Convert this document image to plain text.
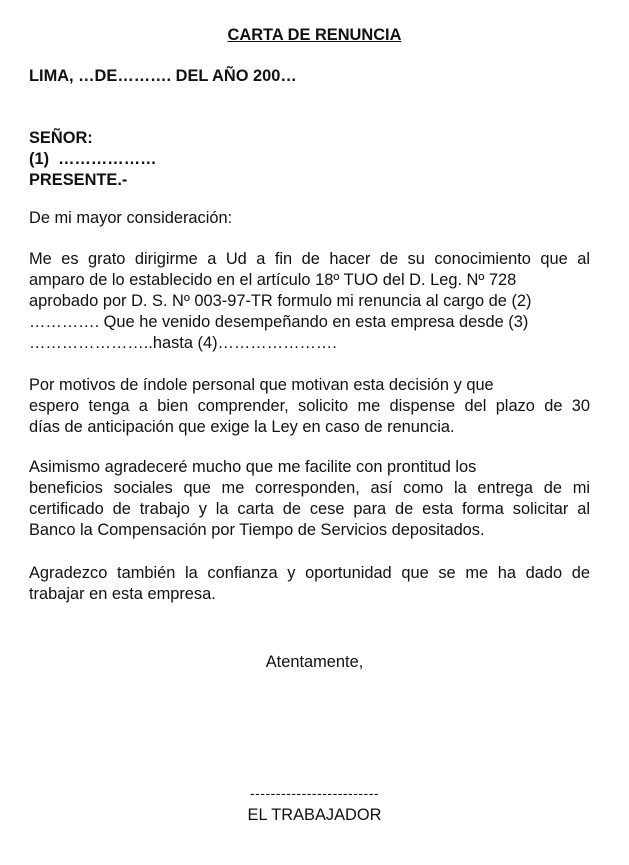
CARTA DE RENUNCIA
LIMA, …DE………. DEL AÑO 200…
SEÑOR:
(1)  ………………
PRESENTE.-
De mi mayor consideración:
Me es grato dirigirme a Ud a fin de hacer de su conocimiento que al
amparo de lo establecido en el artículo 18º TUO del D. Leg. Nº 728
aprobado por D. S. Nº 003-97-TR formulo mi renuncia al cargo de (2)
…………. Que he venido desempeñando en esta empresa desde (3)
…………………..hasta (4)………………….
Por motivos de índole personal que motivan esta decisión y que
espero tenga a bien comprender, solicito me dispense del plazo de 30
días de anticipación que exige la Ley en caso de renuncia.
Asimismo agradeceré mucho que me facilite con prontitud los
beneficios sociales que me corresponden, así como la entrega de mi
certificado de trabajo y la carta de cese para de esta forma solicitar al
Banco la Compensación por Tiempo de Servicios depositados.
Agradezco también la confianza y oportunidad que se me ha dado de
trabajar en esta empresa.
Atentamente,
-------------------------
EL TRABAJADOR
